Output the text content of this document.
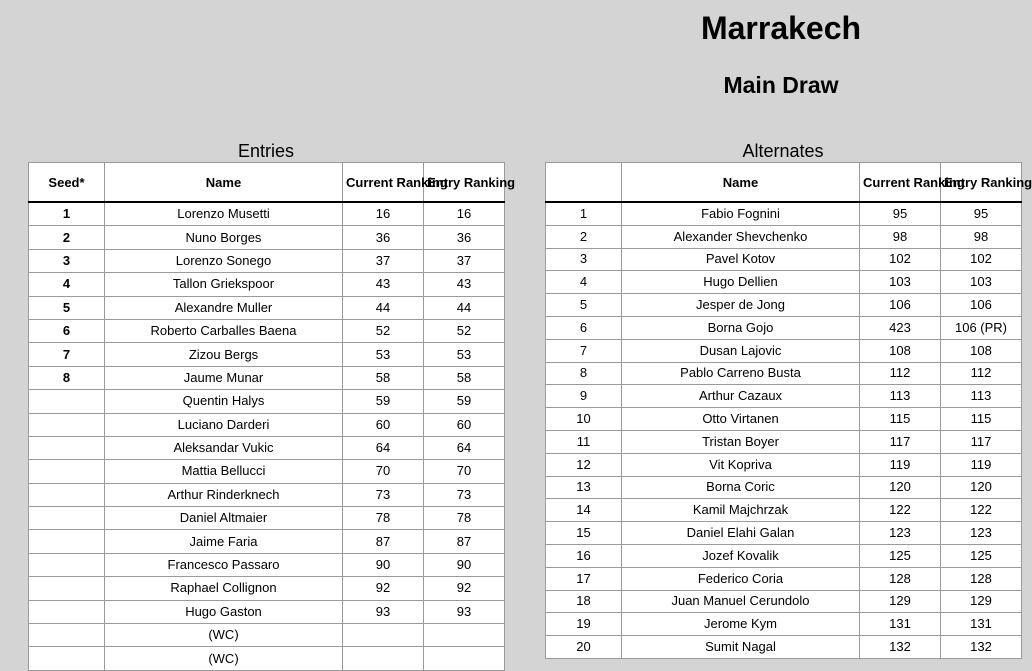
Marrakech
Main Draw
Entries	Alternates
Seed*	Name	Current Ranking	Entry Ranking
1	Lorenzo Musetti	16	16
2	Nuno Borges	36	36
3	Lorenzo Sonego	37	37
4	Tallon Griekspoor	43	43
5	Alexandre Muller	44	44
6	Roberto Carballes Baena	52	52
7	Zizou Bergs	53	53
8	Jaume Munar	58	58
	Quentin Halys	59	59
	Luciano Darderi	60	60
	Aleksandar Vukic	64	64
	Mattia Bellucci	70	70
	Arthur Rinderknech	73	73
	Daniel Altmaier	78	78
	Jaime Faria	87	87
	Francesco Passaro	90	90
	Raphael Collignon	92	92
	Hugo Gaston	93	93
	(WC)		
	(WC)		
	Name	Current Ranking	Entry Ranking
1	Fabio Fognini	95	95
2	Alexander Shevchenko	98	98
3	Pavel Kotov	102	102
4	Hugo Dellien	103	103
5	Jesper de Jong	106	106
6	Borna Gojo	423	106 (PR)
7	Dusan Lajovic	108	108
8	Pablo Carreno Busta	112	112
9	Arthur Cazaux	113	113
10	Otto Virtanen	115	115
11	Tristan Boyer	117	117
12	Vit Kopriva	119	119
13	Borna Coric	120	120
14	Kamil Majchrzak	122	122
15	Daniel Elahi Galan	123	123
16	Jozef Kovalik	125	125
17	Federico Coria	128	128
18	Juan Manuel Cerundolo	129	129
19	Jerome Kym	131	131
20	Sumit Nagal	132	132
